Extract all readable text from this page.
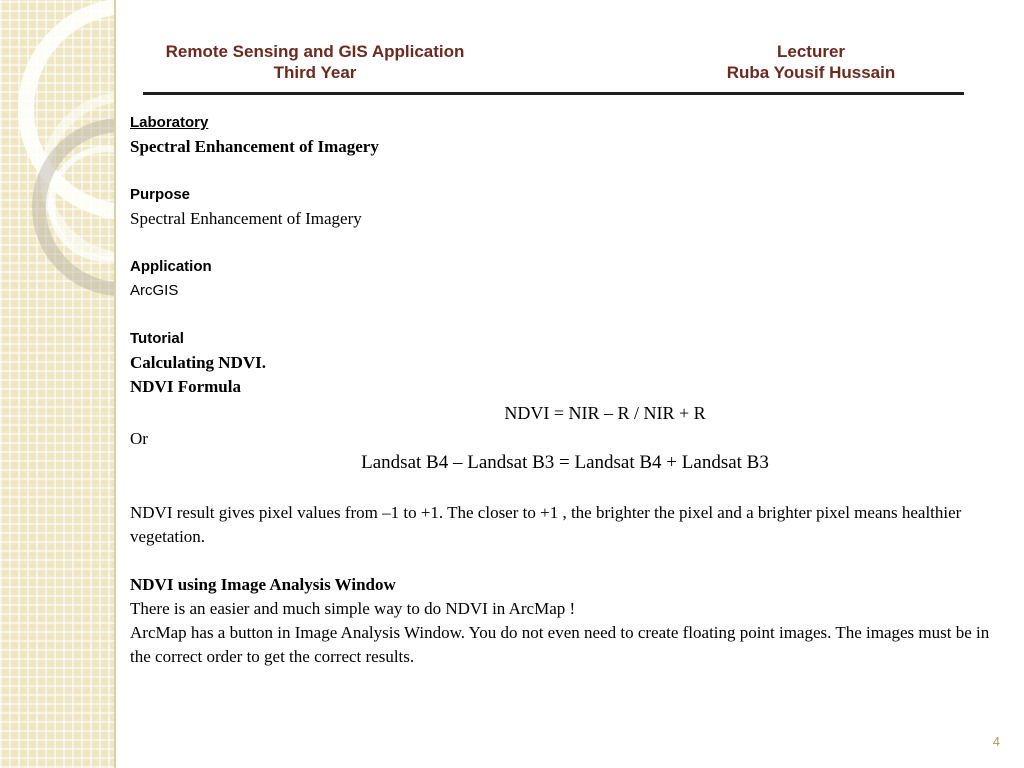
Remote Sensing and GIS Application
Third Year
Lecturer
Ruba Yousif Hussain
Laboratory
Spectral Enhancement of Imagery
Purpose
Spectral Enhancement of Imagery
Application
ArcGIS
Tutorial
Calculating NDVI.
NDVI Formula
NDVI = NIR – R / NIR + R
Or
Landsat B4 – Landsat B3 = Landsat B4 + Landsat B3
NDVI result gives pixel values from –1 to +1. The closer to +1 , the brighter the pixel and a brighter pixel means healthier vegetation.
NDVI using Image Analysis Window
There is an easier and much simple way to do NDVI in ArcMap !
ArcMap has a button in Image Analysis Window. You do not even need to create floating point images. The images must be in the correct order to get the correct results.
4
